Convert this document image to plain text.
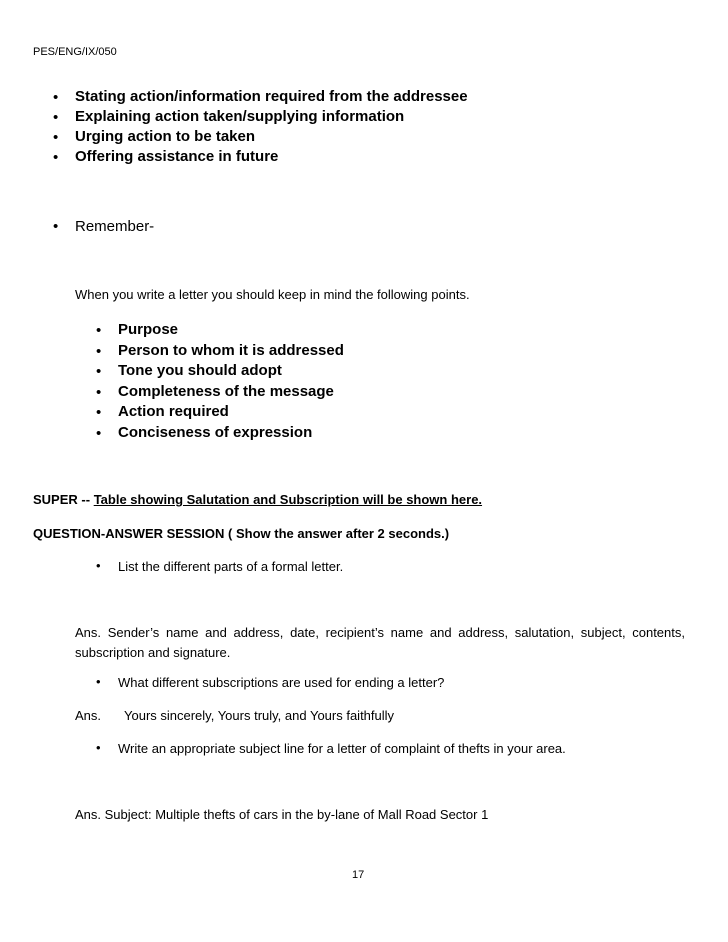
PES/ENG/IX/050
• Stating action/information required from the addressee
• Explaining action taken/supplying information
• Urging action to be taken
• Offering assistance in future
• Remember-
When you write a letter you should keep in mind the following points.
• Purpose
• Person to whom it is addressed
• Tone you should adopt
• Completeness of the message
• Action required
• Conciseness of expression
SUPER -- Table showing Salutation and Subscription will be shown here.
QUESTION-ANSWER SESSION ( Show the answer after 2 seconds.)
• List the different parts of a formal letter.
Ans. Sender’s name and address, date, recipient’s name and address, salutation, subject, contents, subscription and signature.
• What different subscriptions are used for ending a letter?
Ans. Yours sincerely, Yours truly, and Yours faithfully
• Write an appropriate subject line for a letter of complaint of thefts in your area.
Ans. Subject: Multiple thefts of cars in the by-lane of Mall Road Sector 1
17
